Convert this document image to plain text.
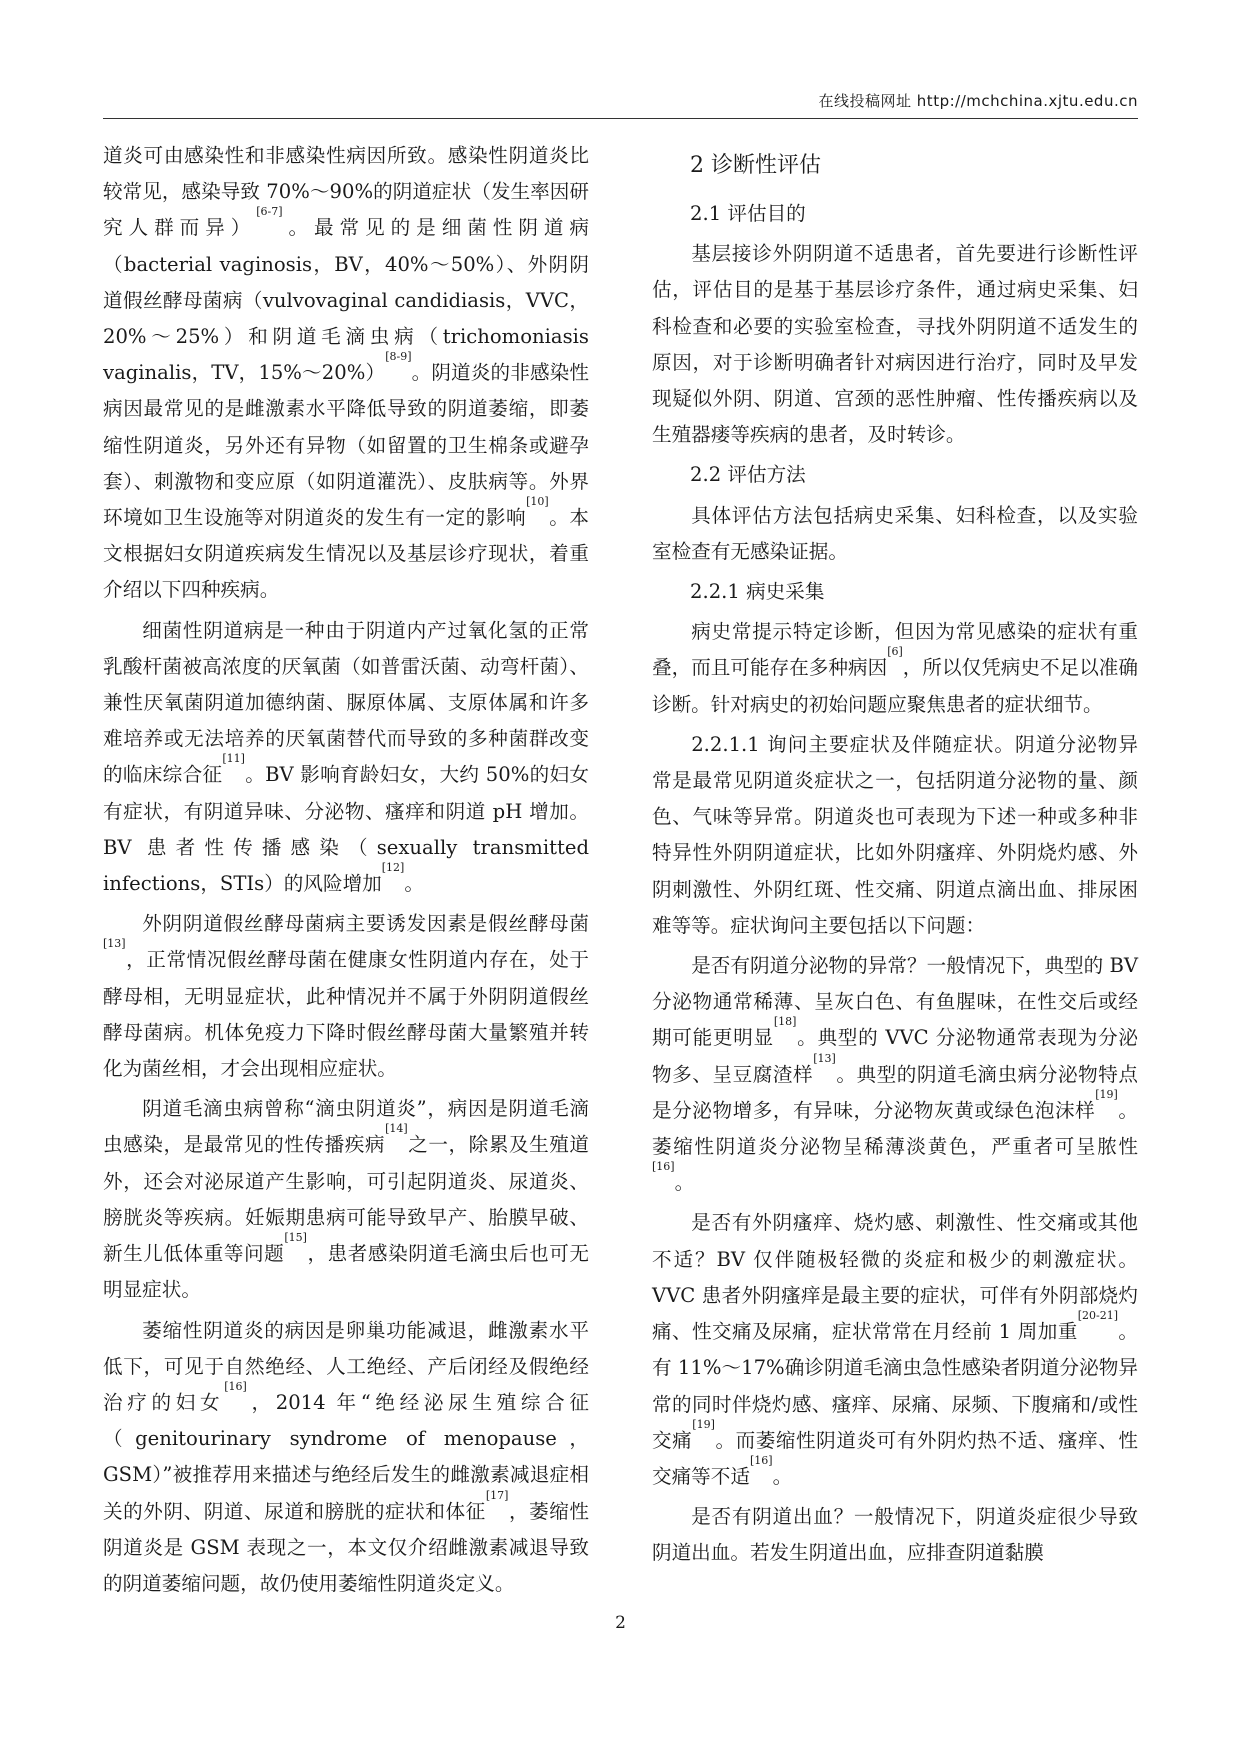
在线投稿网址 http://mchchina.xjtu.edu.cn

道炎可由感染性和非感染性病因所致。感染性阴道炎比较常见，感染导致 70%～90%的阴道症状（发生率因研究人群而异）[6-7]。最常见的是细菌性阴道病（bacterial vaginosis，BV，40%～50%）、外阴阴道假丝酵母菌病（vulvovaginal candidiasis，VVC，20%～25%）和阴道毛滴虫病（trichomoniasis vaginalis，TV，15%～20%）[8-9]。阴道炎的非感染性病因最常见的是雌激素水平降低导致的阴道萎缩，即萎缩性阴道炎，另外还有异物（如留置的卫生棉条或避孕套）、刺激物和变应原（如阴道灌洗）、皮肤病等。外界环境如卫生设施等对阴道炎的发生有一定的影响[10]。本文根据妇女阴道疾病发生情况以及基层诊疗现状，着重介绍以下四种疾病。

细菌性阴道病是一种由于阴道内产过氧化氢的正常乳酸杆菌被高浓度的厌氧菌（如普雷沃菌、动弯杆菌）、兼性厌氧菌阴道加德纳菌、脲原体属、支原体属和许多难培养或无法培养的厌氧菌替代而导致的多种菌群改变的临床综合征[11]。BV 影响育龄妇女，大约 50%的妇女有症状，有阴道异味、分泌物、瘙痒和阴道 pH 增加。BV 患者性传播感染（sexually transmitted infections，STIs）的风险增加[12]。

外阴阴道假丝酵母菌病主要诱发因素是假丝酵母菌[13]，正常情况假丝酵母菌在健康女性阴道内存在，处于酵母相，无明显症状，此种情况并不属于外阴阴道假丝酵母菌病。机体免疫力下降时假丝酵母菌大量繁殖并转化为菌丝相，才会出现相应症状。

阴道毛滴虫病曾称“滴虫阴道炎”，病因是阴道毛滴虫感染，是最常见的性传播疾病[14]之一，除累及生殖道外，还会对泌尿道产生影响，可引起阴道炎、尿道炎、膀胱炎等疾病。妊娠期患病可能导致早产、胎膜早破、新生儿低体重等问题[15]，患者感染阴道毛滴虫后也可无明显症状。

萎缩性阴道炎的病因是卵巢功能减退，雌激素水平低下，可见于自然绝经、人工绝经、产后闭经及假绝经治疗的妇女[16]，2014 年“绝经泌尿生殖综合征（genitourinary syndrome of menopause，GSM）”被推荐用来描述与绝经后发生的雌激素减退症相关的外阴、阴道、尿道和膀胱的症状和体征[17]，萎缩性阴道炎是 GSM 表现之一，本文仅介绍雌激素减退导致的阴道萎缩问题，故仍使用萎缩性阴道炎定义。

2 诊断性评估
2.1 评估目的

基层接诊外阴阴道不适患者，首先要进行诊断性评估，评估目的是基于基层诊疗条件，通过病史采集、妇科检查和必要的实验室检查，寻找外阴阴道不适发生的原因，对于诊断明确者针对病因进行治疗，同时及早发现疑似外阴、阴道、宫颈的恶性肿瘤、性传播疾病以及生殖器瘘等疾病的患者，及时转诊。

2.2 评估方法

具体评估方法包括病史采集、妇科检查，以及实验室检查有无感染证据。

2.2.1 病史采集

病史常提示特定诊断，但因为常见感染的症状有重叠，而且可能存在多种病因[6]，所以仅凭病史不足以准确诊断。针对病史的初始问题应聚焦患者的症状细节。

2.2.1.1 询问主要症状及伴随症状。阴道分泌物异常是最常见阴道炎症状之一，包括阴道分泌物的量、颜色、气味等异常。阴道炎也可表现为下述一种或多种非特异性外阴阴道症状，比如外阴瘙痒、外阴烧灼感、外阴刺激性、外阴红斑、性交痛、阴道点滴出血、排尿困难等等。症状询问主要包括以下问题：

是否有阴道分泌物的异常？一般情况下，典型的 BV 分泌物通常稀薄、呈灰白色、有鱼腥味，在性交后或经期可能更明显[18]。典型的 VVC 分泌物通常表现为分泌物多、呈豆腐渣样[13]。典型的阴道毛滴虫病分泌物特点是分泌物增多，有异味，分泌物灰黄或绿色泡沫样[19]。萎缩性阴道炎分泌物呈稀薄淡黄色，严重者可呈脓性[16]。

是否有外阴瘙痒、烧灼感、刺激性、性交痛或其他不适？BV 仅伴随极轻微的炎症和极少的刺激症状。VVC 患者外阴瘙痒是最主要的症状，可伴有外阴部烧灼痛、性交痛及尿痛，症状常常在月经前 1 周加重[20-21]。有 11%～17%确诊阴道毛滴虫急性感染者阴道分泌物异常的同时伴烧灼感、瘙痒、尿痛、尿频、下腹痛和/或性交痛[19]。而萎缩性阴道炎可有外阴灼热不适、瘙痒、性交痛等不适[16]。

是否有阴道出血？一般情况下，阴道炎症很少导致阴道出血。若发生阴道出血，应排查阴道黏膜

2
